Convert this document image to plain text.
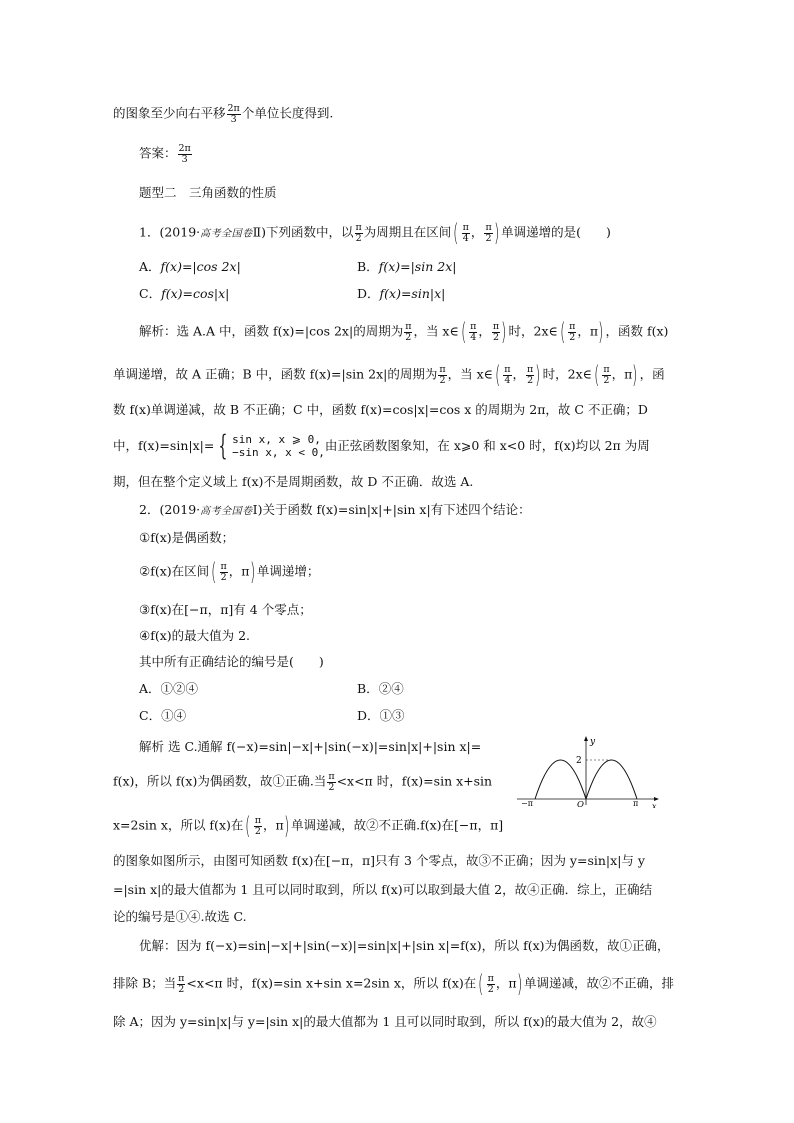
的图象至少向右平移 $\frac{2\pi}{3}$ 个单位长度得到.
答案： $\frac{2\pi}{3}$
题型二　三角函数的性质
1．(2019·高考全国卷Ⅱ)下列函数中，以 $\frac{\pi}{2}$ 为周期且在区间( $\frac{\pi}{4}$ ， $\frac{\pi}{2}$ ) 单调递增的是(　　)
A．f(x)=|cos 2x|	B．f(x)=|sin 2x|
C．f(x)=cos|x|	D．f(x)=sin|x|
解析：选 A.A 中，函数 f(x)=|cos 2x|的周期为 $\frac{\pi}{2}$ ，当 x∈( $\frac{\pi}{4}$ ， $\frac{\pi}{2}$ ) 时，2x∈( $\frac{\pi}{2}$ ，π) ，函数 f(x)
单调递增，故 A 正确；B 中，函数 f(x)=|sin 2x|的周期为 $\frac{\pi}{2}$ ，当 x∈( $\frac{\pi}{4}$ ， $\frac{\pi}{2}$ ) 时，2x∈( $\frac{\pi}{2}$ ，π) ，函
数 f(x)单调递减，故 B 不正确；C 中，函数 f(x)=cos|x|=cos x 的周期为 2π，故 C 不正确；D
中，f(x)=sin|x|= { sin x, x ⩾ 0,
−sin x, x < 0, 由正弦函数图象知，在 x⩾0 和 x<0 时，f(x)均以 2π 为周
期，但在整个定义域上 f(x)不是周期函数，故 D 不正确．故选 A.
2．(2019·高考全国卷Ⅰ)关于函数 f(x)=sin|x|+|sin x|有下述四个结论：
①f(x)是偶函数；
②f(x)在区间( $\frac{\pi}{2}$ ，π) 单调递增；
③f(x)在[−π，π]有 4 个零点；
④f(x)的最大值为 2.
其中所有正确结论的编号是(　　)
A．①②④	B．②④
C．①④	D．①③
解析 选 C.通解 f(−x)=sin|−x|+|sin(−x)|=sin|x|+|sin x|=
f(x)，所以 f(x)为偶函数，故①正确.当 $\frac{\pi}{2} <x<\pi$ 时，f(x)=sin x+sin
x=2sin x，所以 f(x)在( $\frac{\pi}{2}$ ，π) 单调递减，故②不正确.f(x)在[−π，π]
的图象如图所示，由图可知函数 f(x)在[−π，π]只有 3 个零点，故③不正确；因为 y=sin|x|与 y
=|sin x|的最大值都为 1 且可以同时取到，所以 f(x)可以取到最大值 2，故④正确．综上，正确结
论的编号是①④.故选 C.
优解：因为 f(−x)=sin|−x|+|sin(−x)|=sin|x|+|sin x|=f(x)，所以 f(x)为偶函数，故①正确，
排除 B；当 $\frac{\pi}{2} <x<\pi$ 时，f(x)=sin x+sin x=2sin x，所以 f(x)在( $\frac{\pi}{2}$ ，π) 单调递减，故②不正确，排
除 A；因为 y=sin|x|与 y=|sin x|的最大值都为 1 且可以同时取到，所以 f(x)的最大值为 2，故④
y
x
2
O
−π	π
